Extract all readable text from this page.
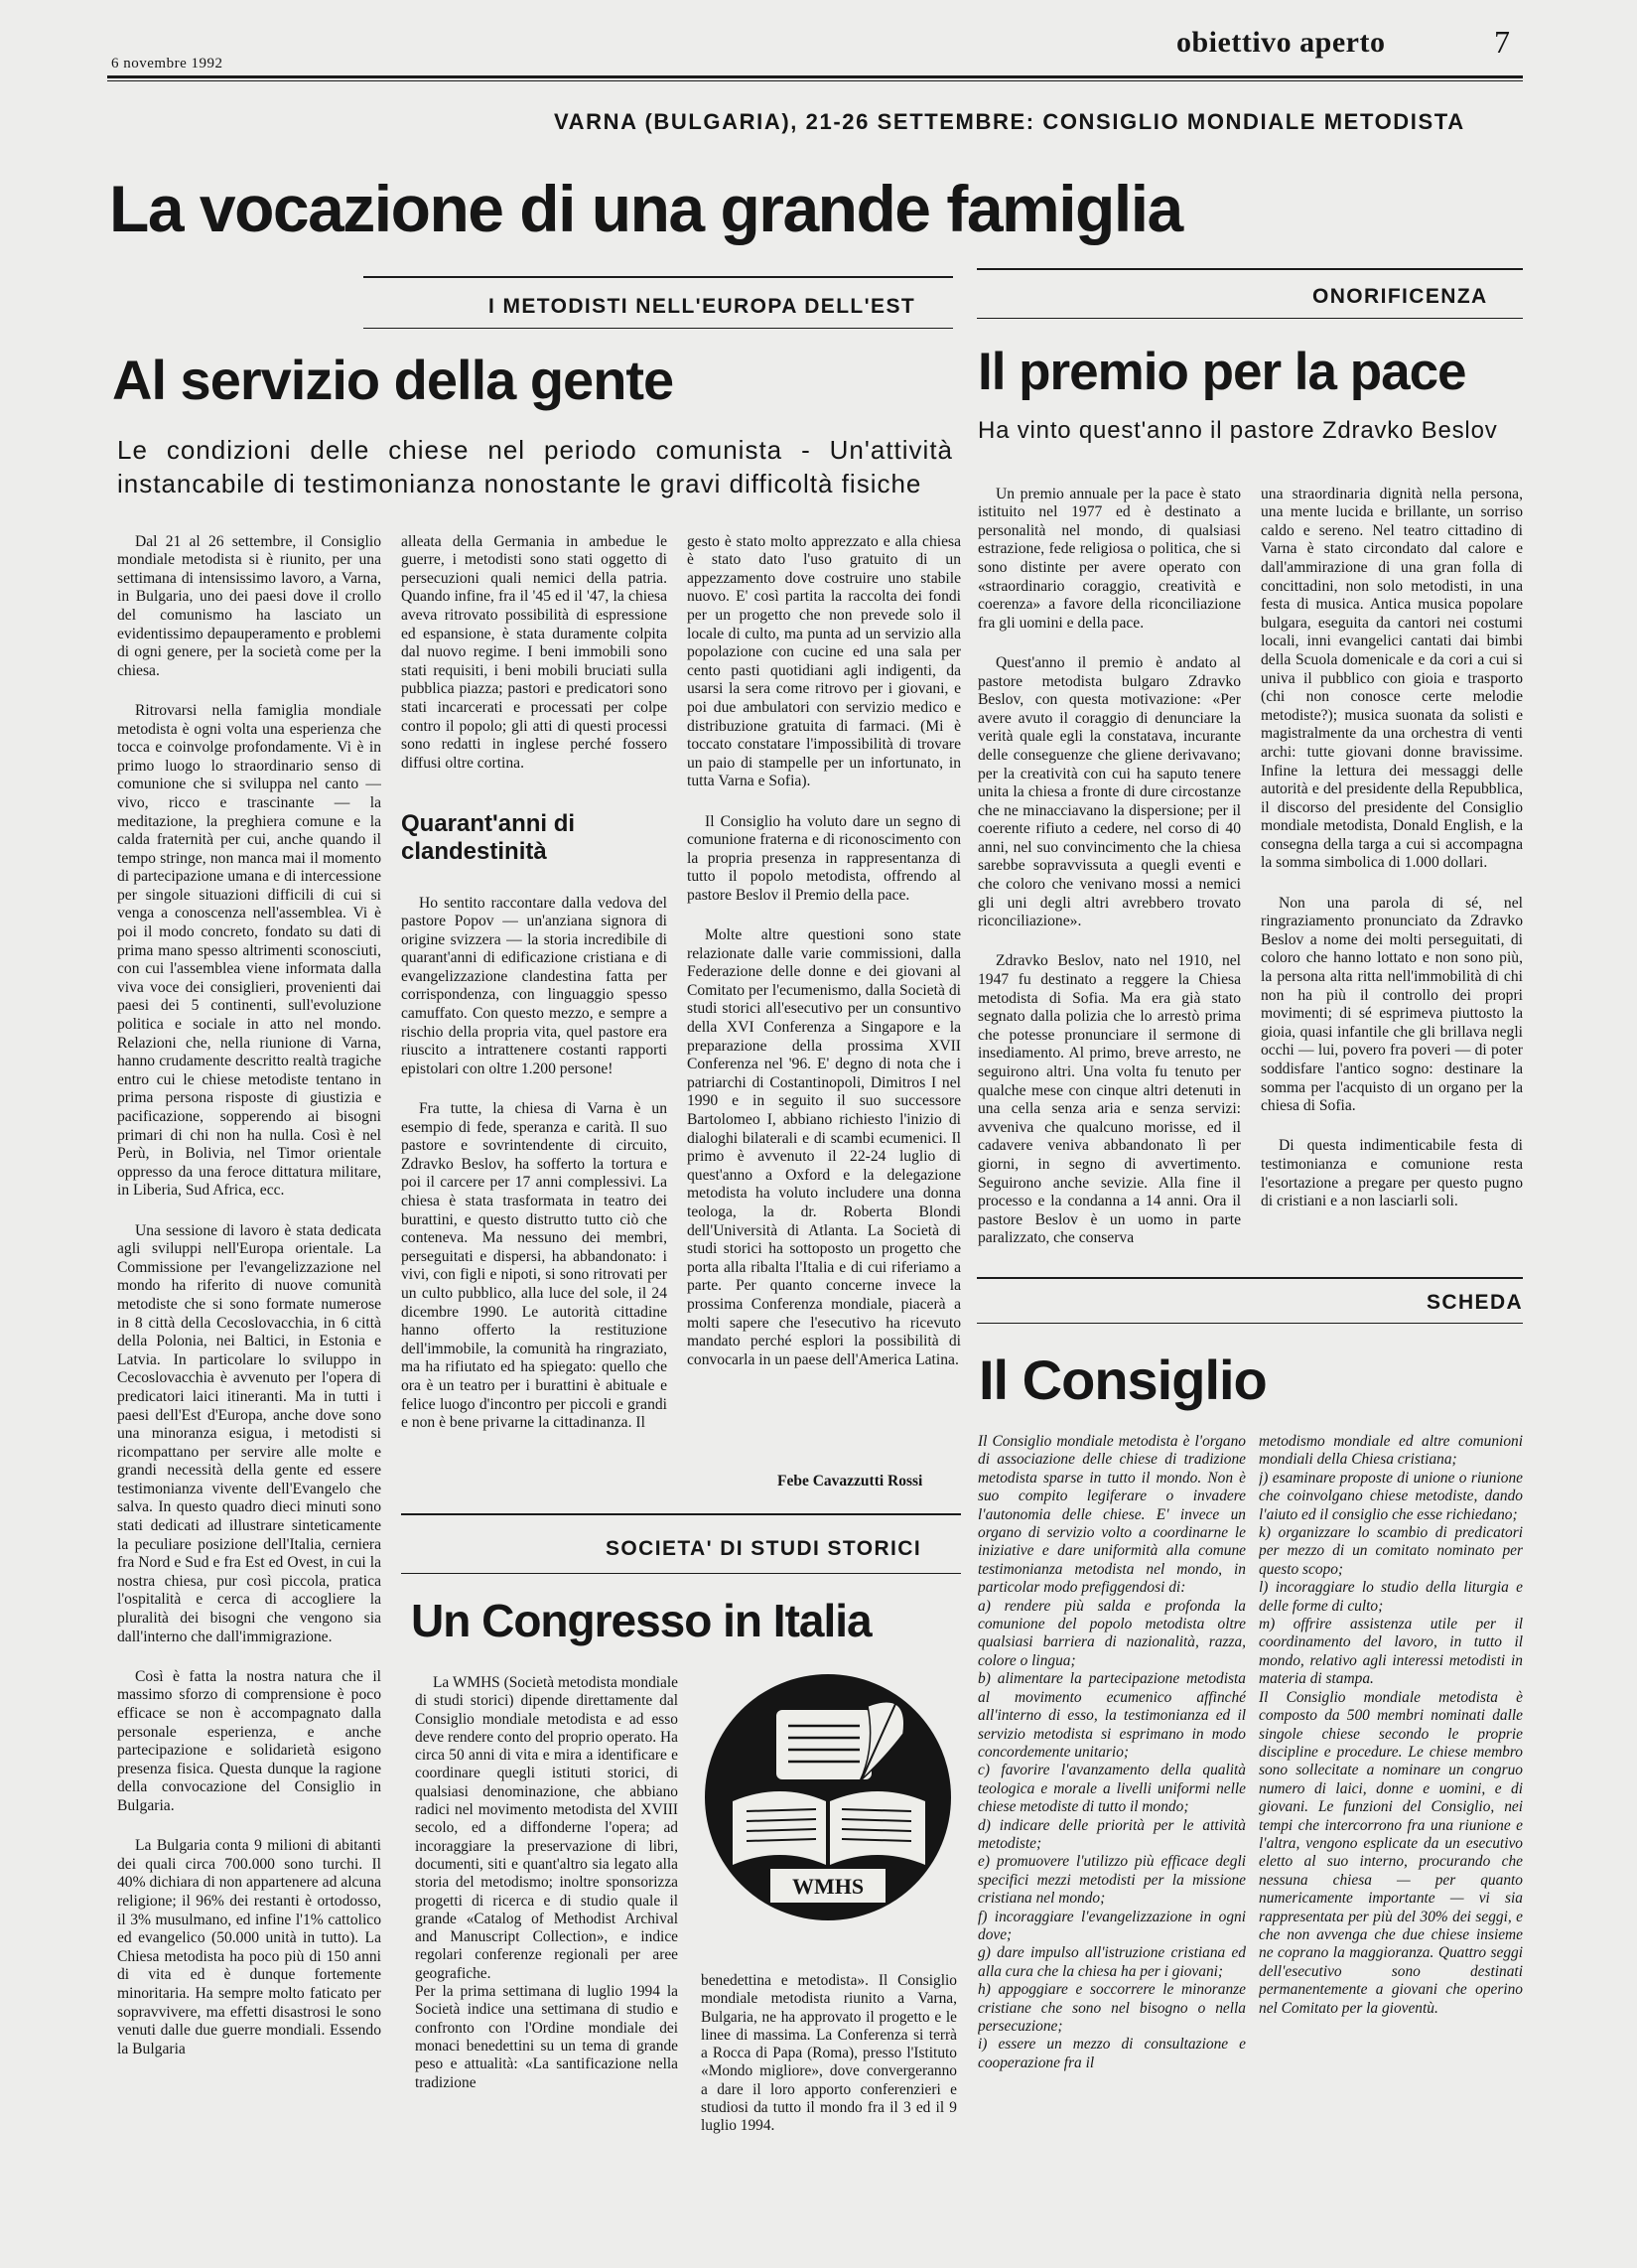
6 novembre 1992
obiettivo aperto	7
VARNA (BULGARIA), 21-26 SETTEMBRE: CONSIGLIO MONDIALE METODISTA
La vocazione di una grande famiglia
I METODISTI NELL'EUROPA DELL'EST
Al servizio della gente
Le condizioni delle chiese nel periodo comunista - Un'attività instancabile di testimonianza nonostante le gravi difficoltà fisiche

Dal 21 al 26 settembre, il Consiglio mondiale metodista si è riunito, per una settimana di intensissimo lavoro, a Varna, in Bulgaria, uno dei paesi dove il crollo del comunismo ha lasciato un evidentissimo depauperamento e problemi di ogni genere, per la società come per la chiesa.

Ritrovarsi nella famiglia mondiale metodista è ogni volta una esperienza che tocca e coinvolge profondamente. Vi è in primo luogo lo straordinario senso di comunione che si sviluppa nel canto — vivo, ricco e trascinante — la meditazione, la preghiera comune e la calda fraternità per cui, anche quando il tempo stringe, non manca mai il momento di partecipazione umana e di intercessione per singole situazioni difficili di cui si venga a conoscenza nell'assemblea. Vi è poi il modo concreto, fondato su dati di prima mano spesso altrimenti sconosciuti, con cui l'assemblea viene informata dalla viva voce dei consiglieri, provenienti dai paesi dei 5 continenti, sull'evoluzione politica e sociale in atto nel mondo. Relazioni che, nella riunione di Varna, hanno crudamente descritto realtà tragiche entro cui le chiese metodiste tentano in prima persona risposte di giustizia e pacificazione, sopperendo ai bisogni primari di chi non ha nulla. Così è nel Perù, in Bolivia, nel Timor orientale oppresso da una feroce dittatura militare, in Liberia, Sud Africa, ecc.

Una sessione di lavoro è stata dedicata agli sviluppi nell'Europa orientale. La Commissione per l'evangelizzazione nel mondo ha riferito di nuove comunità metodiste che si sono formate numerose in 8 città della Cecoslovacchia, in 6 città della Polonia, nei Baltici, in Estonia e Latvia. In particolare lo sviluppo in Cecoslovacchia è avvenuto per l'opera di predicatori laici itineranti. Ma in tutti i paesi dell'Est d'Europa, anche dove sono una minoranza esigua, i metodisti si ricompattano per servire alle molte e grandi necessità della gente ed essere testimonianza vivente dell'Evangelo che salva. In questo quadro dieci minuti sono stati dedicati ad illustrare sinteticamente la peculiare posizione dell'Italia, cerniera fra Nord e Sud e fra Est ed Ovest, in cui la nostra chiesa, pur così piccola, pratica l'ospitalità e cerca di accogliere la pluralità dei bisogni che vengono sia dall'interno che dall'immigrazione.

Così è fatta la nostra natura che il massimo sforzo di comprensione è poco efficace se non è accompagnato dalla personale esperienza, e anche partecipazione e solidarietà esigono presenza fisica. Questa dunque la ragione della convocazione del Consiglio in Bulgaria.

La Bulgaria conta 9 milioni di abitanti dei quali circa 700.000 sono turchi. Il 40% dichiara di non appartenere ad alcuna religione; il 96% dei restanti è ortodosso, il 3% musulmano, ed infine l'1% cattolico ed evangelico (50.000 unità in tutto). La Chiesa metodista ha poco più di 150 anni di vita ed è dunque fortemente minoritaria. Ha sempre molto faticato per sopravvivere, ma effetti disastrosi le sono venuti dalle due guerre mondiali. Essendo la Bulgaria

alleata della Germania in ambedue le guerre, i metodisti sono stati oggetto di persecuzioni quali nemici della patria. Quando infine, fra il '45 ed il '47, la chiesa aveva ritrovato possibilità di espressione ed espansione, è stata duramente colpita dal nuovo regime. I beni immobili sono stati requisiti, i beni mobili bruciati sulla pubblica piazza; pastori e predicatori sono stati incarcerati e processati per colpe contro il popolo; gli atti di questi processi sono redatti in inglese perché fossero diffusi oltre cortina.

Quarant'anni di clandestinità

Ho sentito raccontare dalla vedova del pastore Popov — un'anziana signora di origine svizzera — la storia incredibile di quarant'anni di edificazione cristiana e di evangelizzazione clandestina fatta per corrispondenza, con linguaggio spesso camuffato. Con questo mezzo, e sempre a rischio della propria vita, quel pastore era riuscito a intrattenere costanti rapporti epistolari con oltre 1.200 persone!

Fra tutte, la chiesa di Varna è un esempio di fede, speranza e carità. Il suo pastore e sovrintendente di circuito, Zdravko Beslov, ha sofferto la tortura e poi il carcere per 17 anni complessivi. La chiesa è stata trasformata in teatro dei burattini, e questo distrutto tutto ciò che conteneva. Ma nessuno dei membri, perseguitati e dispersi, ha abbandonato: i vivi, con figli e nipoti, si sono ritrovati per un culto pubblico, alla luce del sole, il 24 dicembre 1990. Le autorità cittadine hanno offerto la restituzione dell'immobile, la comunità ha ringraziato, ma ha rifiutato ed ha spiegato: quello che ora è un teatro per i burattini è abituale e felice luogo d'incontro per piccoli e grandi e non è bene privarne la cittadinanza. Il

gesto è stato molto apprezzato e alla chiesa è stato dato l'uso gratuito di un appezzamento dove costruire uno stabile nuovo. E' così partita la raccolta dei fondi per un progetto che non prevede solo il locale di culto, ma punta ad un servizio alla popolazione con cucine ed una sala per cento pasti quotidiani agli indigenti, da usarsi la sera come ritrovo per i giovani, e poi due ambulatori con servizio medico e distribuzione gratuita di farmaci. (Mi è toccato constatare l'impossibilità di trovare un paio di stampelle per un infortunato, in tutta Varna e Sofia).

Il Consiglio ha voluto dare un segno di comunione fraterna e di riconoscimento con la propria presenza in rappresentanza di tutto il popolo metodista, offrendo al pastore Beslov il Premio della pace.

Molte altre questioni sono state relazionate dalle varie commissioni, dalla Federazione delle donne e dei giovani al Comitato per l'ecumenismo, dalla Società di studi storici all'esecutivo per un consuntivo della XVI Conferenza a Singapore e la preparazione della prossima XVII Conferenza nel '96. E' degno di nota che i patriarchi di Costantinopoli, Dimitros I nel 1990 e in seguito il suo successore Bartolomeo I, abbiano richiesto l'inizio di dialoghi bilaterali e di scambi ecumenici. Il primo è avvenuto il 22-24 luglio di quest'anno a Oxford e la delegazione metodista ha voluto includere una donna teologa, la dr. Roberta Blondi dell'Università di Atlanta. La Società di studi storici ha sottoposto un progetto che porta alla ribalta l'Italia e di cui riferiamo a parte. Per quanto concerne invece la prossima Conferenza mondiale, piacerà a molti sapere che l'esecutivo ha ricevuto mandato perché esplori la possibilità di convocarla in un paese dell'America Latina.

Febe Cavazzutti Rossi
ONORIFICENZA
Il premio per la pace
Ha vinto quest'anno il pastore Zdravko Beslov

Un premio annuale per la pace è stato istituito nel 1977 ed è destinato a personalità nel mondo, di qualsiasi estrazione, fede religiosa o politica, che si sono distinte per avere operato con «straordinario coraggio, creatività e coerenza» a favore della riconciliazione fra gli uomini e della pace.

Quest'anno il premio è andato al pastore metodista bulgaro Zdravko Beslov, con questa motivazione: «Per avere avuto il coraggio di denunciare la verità quale egli la constatava, incurante delle conseguenze che gliene derivavano; per la creatività con cui ha saputo tenere unita la chiesa a fronte di dure circostanze che ne minacciavano la dispersione; per il coerente rifiuto a cedere, nel corso di 40 anni, nel suo convincimento che la chiesa sarebbe sopravvissuta a quegli eventi e che coloro che venivano mossi a nemici gli uni degli altri avrebbero trovato riconciliazione».

Zdravko Beslov, nato nel 1910, nel 1947 fu destinato a reggere la Chiesa metodista di Sofia. Ma era già stato segnato dalla polizia che lo arrestò prima che potesse pronunciare il sermone di insediamento. Al primo, breve arresto, ne seguirono altri. Una volta fu tenuto per qualche mese con cinque altri detenuti in una cella senza aria e senza servizi: avveniva che qualcuno morisse, ed il cadavere veniva abbandonato lì per giorni, in segno di avvertimento. Seguirono anche sevizie. Alla fine il processo e la condanna a 14 anni. Ora il pastore Beslov è un uomo in parte paralizzato, che conserva

una straordinaria dignità nella persona, una mente lucida e brillante, un sorriso caldo e sereno. Nel teatro cittadino di Varna è stato circondato dal calore e dall'ammirazione di una gran folla di concittadini, non solo metodisti, in una festa di musica. Antica musica popolare bulgara, eseguita da cantori nei costumi locali, inni evangelici cantati dai bimbi della Scuola domenicale e da cori a cui si univa il pubblico con gioia e trasporto (chi non conosce certe melodie metodiste?); musica suonata da solisti e magistralmente da una orchestra di venti archi: tutte giovani donne bravissime. Infine la lettura dei messaggi delle autorità e del presidente della Repubblica, il discorso del presidente del Consiglio mondiale metodista, Donald English, e la consegna della targa a cui si accompagna la somma simbolica di 1.000 dollari.

Non una parola di sé, nel ringraziamento pronunciato da Zdravko Beslov a nome dei molti perseguitati, di coloro che hanno lottato e non sono più, la persona alta ritta nell'immobilità di chi non ha più il controllo dei propri movimenti; di sé esprimeva piuttosto la gioia, quasi infantile che gli brillava negli occhi — lui, povero fra poveri — di poter soddisfare l'antico sogno: destinare la somma per l'acquisto di un organo per la chiesa di Sofia.

Di questa indimenticabile festa di testimonianza e comunione resta l'esortazione a pregare per questo pugno di cristiani e a non lasciarli soli.

SCHEDA
Il Consiglio
Il Consiglio mondiale metodista è l'organo di associazione delle chiese di tradizione metodista sparse in tutto il mondo. Non è suo compito legiferare o invadere l'autonomia delle chiese. E' invece un organo di servizio volto a coordinarne le iniziative e dare uniformità alla comune testimonianza metodista nel mondo, in particolar modo prefiggendosi di:
a) rendere più salda e profonda la comunione del popolo metodista oltre qualsiasi barriera di nazionalità, razza, colore o lingua;
b) alimentare la partecipazione metodista al movimento ecumenico affinché all'interno di esso, la testimonianza ed il servizio metodista si esprimano in modo concordemente unitario;
c) favorire l'avanzamento della qualità teologica e morale a livelli uniformi nelle chiese metodiste di tutto il mondo;
d) indicare delle priorità per le attività metodiste;
e) promuovere l'utilizzo più efficace degli specifici mezzi metodisti per la missione cristiana nel mondo;
f) incoraggiare l'evangelizzazione in ogni dove;
g) dare impulso all'istruzione cristiana ed alla cura che la chiesa ha per i giovani;
h) appoggiare e soccorrere le minoranze cristiane che sono nel bisogno o nella persecuzione;
i) essere un mezzo di consultazione e cooperazione fra il
metodismo mondiale ed altre comunioni mondiali della Chiesa cristiana;
j) esaminare proposte di unione o riunione che coinvolgano chiese metodiste, dando l'aiuto ed il consiglio che esse richiedano;
k) organizzare lo scambio di predicatori per mezzo di un comitato nominato per questo scopo;
l) incoraggiare lo studio della liturgia e delle forme di culto;
m) offrire assistenza utile per il coordinamento del lavoro, in tutto il mondo, relativo agli interessi metodisti in materia di stampa.
Il Consiglio mondiale metodista è composto da 500 membri nominati dalle singole chiese secondo le proprie discipline e procedure. Le chiese membro sono sollecitate a nominare un congruo numero di laici, donne e uomini, e di giovani. Le funzioni del Consiglio, nei tempi che intercorrono fra una riunione e l'altra, vengono esplicate da un esecutivo eletto al suo interno, procurando che nessuna chiesa — per quanto numericamente importante — vi sia rappresentata per più del 30% dei seggi, e che non avvenga che due chiese insieme ne coprano la maggioranza. Quattro seggi dell'esecutivo sono destinati permanentemente a giovani che operino nel Comitato per la gioventù.
SOCIETA' DI STUDI STORICI
Un Congresso in Italia
La WMHS (Società metodista mondiale di studi storici) dipende direttamente dal Consiglio mondiale metodista e ad esso deve rendere conto del proprio operato. Ha circa 50 anni di vita e mira a identificare e coordinare quegli istituti storici, di qualsiasi denominazione, che abbiano radici nel movimento metodista del XVIII secolo, ed a diffonderne l'opera; ad incoraggiare la preservazione di libri, documenti, siti e quant'altro sia legato alla storia del metodismo; inoltre sponsorizza progetti di ricerca e di studio quale il grande «Catalog of Methodist Archival and Manuscript Collection», e indice regolari conferenze regionali per aree geografiche.
Per la prima settimana di luglio 1994 la Società indice una settimana di studio e confronto con l'Ordine mondiale dei monaci benedettini su un tema di grande peso e attualità: «La santificazione nella tradizione
WMHS
benedettina e metodista». Il Consiglio mondiale metodista riunito a Varna, Bulgaria, ne ha approvato il progetto e le linee di massima. La Conferenza si terrà a Rocca di Papa (Roma), presso l'Istituto «Mondo migliore», dove convergeranno a dare il loro apporto conferenzieri e studiosi da tutto il mondo fra il 3 ed il 9 luglio 1994.
